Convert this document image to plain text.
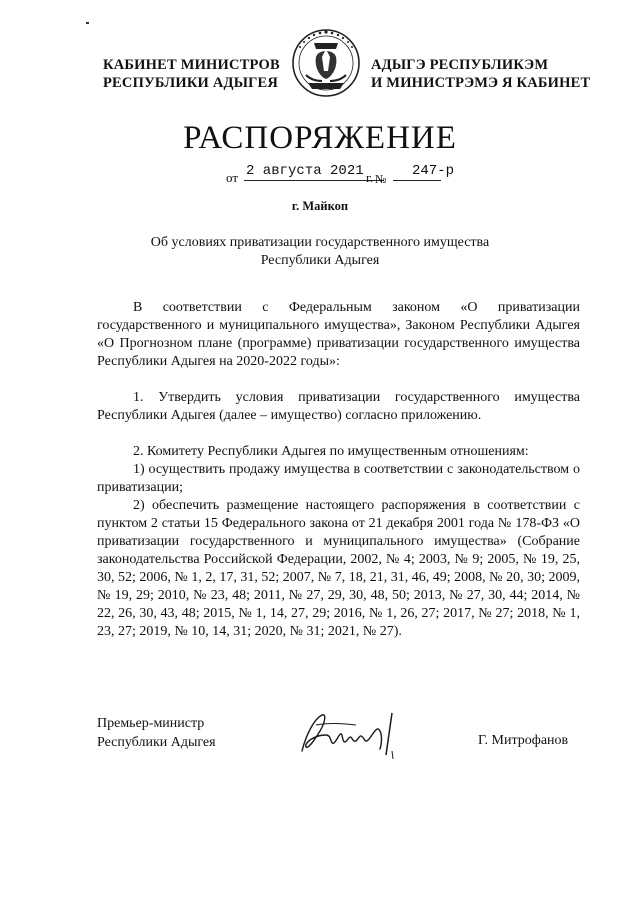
КАБИНЕТ МИНИСТРОВ
РЕСПУБЛИКИ АДЫГЕЯ
АДЫГЭ РЕСПУБЛИКЭМ
И МИНИСТРЭМЭ Я КАБИНЕТ
РАСПОРЯЖЕНИЕ
от 2 августа 2021 г. № 247-р
г. Майкоп
Об условиях приватизации государственного имущества
Республики Адыгея

В соответствии с Федеральным законом «О приватизации государственного и муниципального имущества», Законом Республики Адыгея «О Прогнозном плане (программе) приватизации государственного имущества Республики Адыгея на 2020-2022 годы»:

1. Утвердить условия приватизации государственного имущества Республики Адыгея (далее – имущество) согласно приложению.

2. Комитету Республики Адыгея по имущественным отношениям:

1) осуществить продажу имущества в соответствии с законодательством о приватизации;

2) обеспечить размещение настоящего распоряжения в соответствии с пунктом 2 статьи 15 Федерального закона от 21 декабря 2001 года № 178-ФЗ «О приватизации государственного и муниципального имущества» (Собрание законодательства Российской Федерации, 2002, № 4; 2003, № 9; 2005, № 19, 25, 30, 52; 2006, № 1, 2, 17, 31, 52; 2007, № 7, 18, 21, 31, 46, 49; 2008, № 20, 30; 2009, № 19, 29; 2010, № 23, 48; 2011, № 27, 29, 30, 48, 50; 2013, № 27, 30, 44; 2014, № 22, 26, 30, 43, 48; 2015, № 1, 14, 27, 29; 2016, № 1, 26, 27; 2017, № 27; 2018, № 1, 23, 27; 2019, № 10, 14, 31; 2020, № 31; 2021, № 27).

Премьер-министр
Республики Адыгея	Г. Митрофанов
